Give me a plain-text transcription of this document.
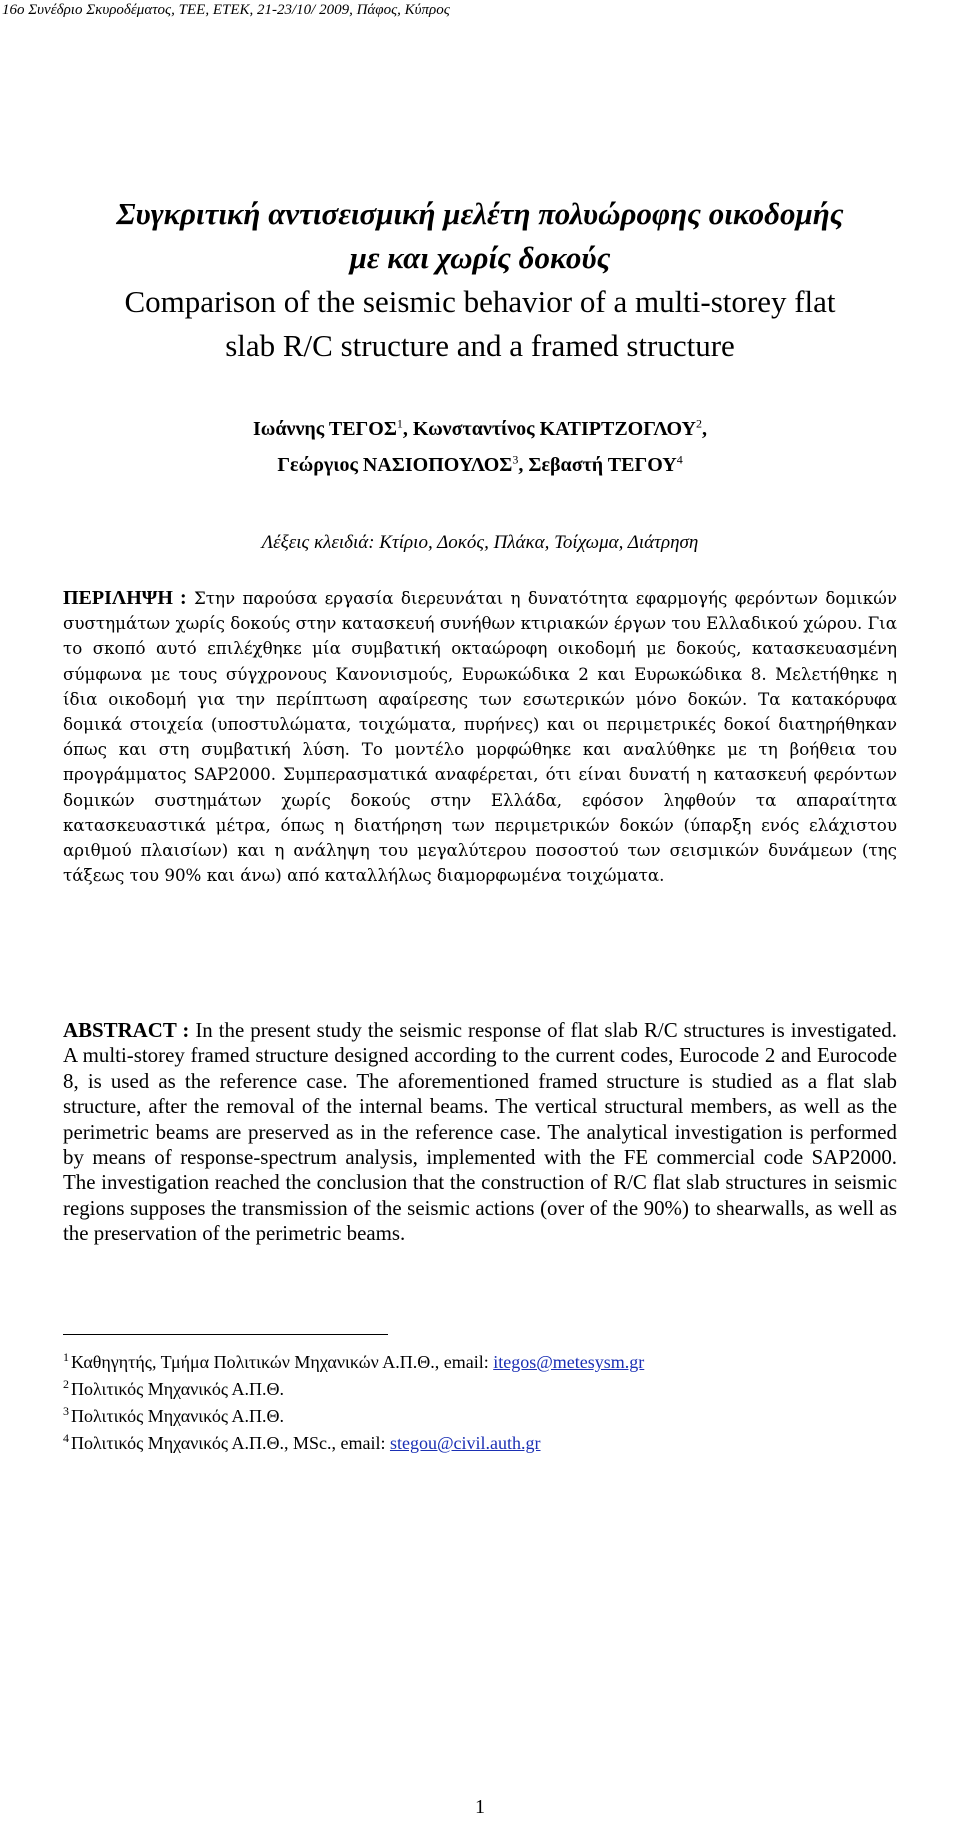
16ο Συνέδριο Σκυροδέματος, ΤΕΕ, ΕΤΕΚ, 21-23/10/ 2009, Πάφος, Κύπρος
Συγκριτική αντισεισμική μελέτη πολυώροφης οικοδομής
με και χωρίς δοκούς
Comparison of the seismic behavior of a multi-storey flat
slab R/C structure and a framed structure
Ιωάννης ΤΕΓΟΣ$^1$, Κωνσταντίνος ΚΑΤΙΡΤΖΟΓΛΟΥ$^2$,
Γεώργιος ΝΑΣΙΟΠΟΥΛΟΣ$^3$, Σεβαστή ΤΕΓΟΥ$^4$
Λέξεις κλειδιά: Κτίριο, Δοκός, Πλάκα, Τοίχωμα, Διάτρηση
ΠΕΡΙΛΗΨΗ : Στην παρούσα εργασία διερευνάται η δυνατότητα εφαρμογής φερόντων δομικών συστημάτων χωρίς δοκούς στην κατασκευή συνήθων κτιριακών έργων του Ελλαδικού χώρου. Για το σκοπό αυτό επιλέχθηκε μία συμβατική οκταώροφη οικοδομή με δοκούς, κατασκευασμένη σύμφωνα με τους σύγχρονους Κανονισμούς, Ευρωκώδικα 2 και Ευρωκώδικα 8. Μελετήθηκε η ίδια οικοδομή για την περίπτωση αφαίρεσης των εσωτερικών μόνο δοκών. Τα κατακόρυφα δομικά στοιχεία (υποστυλώματα, τοιχώματα, πυρήνες) και οι περιμετρικές δοκοί διατηρήθηκαν όπως και στη συμβατική λύση. Το μοντέλο μορφώθηκε και αναλύθηκε με τη βοήθεια του προγράμματος SAP2000. Συμπερασματικά αναφέρεται, ότι είναι δυνατή η κατασκευή φερόντων δομικών συστημάτων χωρίς δοκούς στην Ελλάδα, εφόσον ληφθούν τα απαραίτητα κατασκευαστικά μέτρα, όπως η διατήρηση των περιμετρικών δοκών (ύπαρξη ενός ελάχιστου αριθμού πλαισίων) και η ανάληψη του μεγαλύτερου ποσοστού των σεισμικών δυνάμεων (της τάξεως του 90% και άνω) από καταλλήλως διαμορφωμένα τοιχώματα.
ABSTRACT : In the present study the seismic response of flat slab R/C structures is investigated. A multi-storey framed structure designed according to the current codes, Eurocode 2 and Eurocode 8, is used as the reference case. The aforementioned framed structure is studied as a flat slab structure, after the removal of the internal beams. The vertical structural members, as well as the perimetric beams are preserved as in the reference case. The analytical investigation is performed by means of response-spectrum analysis, implemented with the FE commercial code SAP2000. The investigation reached the conclusion that the construction of R/C flat slab structures in seismic regions supposes the transmission of the seismic actions (over of the 90%) to shearwalls, as well as the preservation of the perimetric beams.
$^1$ Καθηγητής, Τμήμα Πολιτικών Μηχανικών Α.Π.Θ., email: itegos@metesysm.gr
$^2$ Πολιτικός Μηχανικός Α.Π.Θ.
$^3$ Πολιτικός Μηχανικός Α.Π.Θ.
$^4$ Πολιτικός Μηχανικός Α.Π.Θ., MSc., email: stegou@civil.auth.gr
1
